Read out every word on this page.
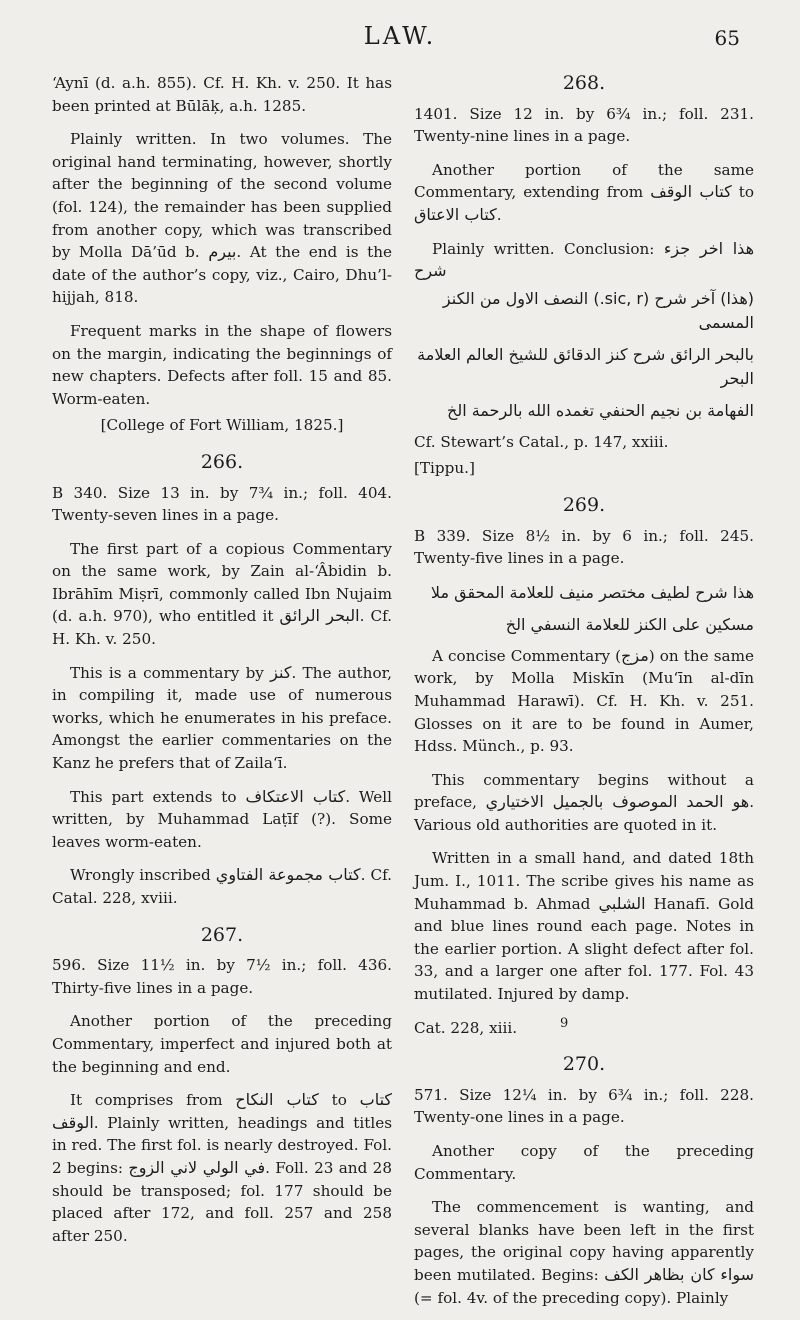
LAW.	65

‘Aynī (d. a.h. 855). Cf. H. Kh. v. 250. It has been printed at Būlāķ, a.h. 1285.

Plainly written. In two volumes. The original hand terminating, however, shortly after the beginning of the second volume (fol. 124), the remainder has been supplied from another copy, which was transcribed by Molla Dā’ūd b. بيرم. At the end is the date of the author’s copy, viz., Cairo, Dhu’l-hijjah, 818.

Frequent marks in the shape of flowers on the margin, indicating the beginnings of new chapters. Defects after foll. 15 and 85. Worm-eaten.

[College of Fort William, 1825.]

266.

B 340. Size 13 in. by 7¾ in.; foll. 404. Twenty-seven lines in a page.

The first part of a copious Commentary on the same work, by Zain al-‘Âbidin b. Ibrāhīm Miṣrī, commonly called Ibn Nujaim (d. a.h. 970), who entitled it البحر الرائق. Cf. H. Kh. v. 250.

This is a commentary by كنز. The author, in compiling it, made use of numerous works, which he enumerates in his preface. Amongst the earlier commentaries on the Kanz he prefers that of Zaila‘ī.

This part extends to كتاب الاعتكاف. Well written, by Muhammad Laṭīf (?). Some leaves worm-eaten.

Wrongly inscribed كتاب مجموعة الفتاوي. Cf. Catal. 228, xviii.

267.

596. Size 11½ in. by 7½ in.; foll. 436. Thirty-five lines in a page.

Another portion of the preceding Commentary, imperfect and injured both at the beginning and end.

It comprises from كتاب النكاح to كتاب الوقف. Plainly written, headings and titles in red. The first fol. is nearly destroyed. Fol. 2 begins: في الولي لاني الزوج. Foll. 23 and 28 should be transposed; fol. 177 should be placed after 172, and foll. 257 and 258 after 250.

268.

1401. Size 12 in. by 6¾ in.; foll. 231. Twenty-nine lines in a page.

Another portion of the same Commentary, extending from كتاب الوقف to كتاب الاعتاق.

Plainly written. Conclusion: هذا اخر جزء شرح

(هذا) آخر شرح (sic, r.) النصف الاول من الكنز المسمى
بالبحر الرائق شرح كنز الدقائق للشيخ العالم العلامة البحر
الفهامة بن نجيم الحنفي تغمده الله بالرحمة الخ

Cf. Stewart’s Catal., p. 147, xxiii.

[Tippu.]

269.

B 339. Size 8½ in. by 6 in.; foll. 245. Twenty-five lines in a page.

هذا شرح لطيف مختصر منيف للعلامة المحقق ملا
مسكين على الكنز للعلامة النسفي الخ

A concise Commentary (مزج) on the same work, by Molla Miskīn (Mu‘īn al-dīn Muhammad Harawī). Cf. H. Kh. v. 251. Glosses on it are to be found in Aumer, Hdss. Münch., p. 93.

This commentary begins without a preface, هو الحمد الموصوف بالجميل الاختياري. Various old authorities are quoted in it.

Written in a small hand, and dated 18th Jum. I., 1011. The scribe gives his name as Muhammad b. Ahmad الشلبي Hanafī. Gold and blue lines round each page. Notes in the earlier portion. A slight defect after fol. 33, and a larger one after fol. 177. Fol. 43 mutilated. Injured by damp.

Cat. 228, xiii.

270.

571. Size 12¼ in. by 6¾ in.; foll. 228. Twenty-one lines in a page.

Another copy of the preceding Commentary.

The commencement is wanting, and several blanks have been left in the first pages, the original copy having apparently been mutilated. Begins: سواء كان بظاهر الكف (= fol. 4v. of the preceding copy). Plainly

9
